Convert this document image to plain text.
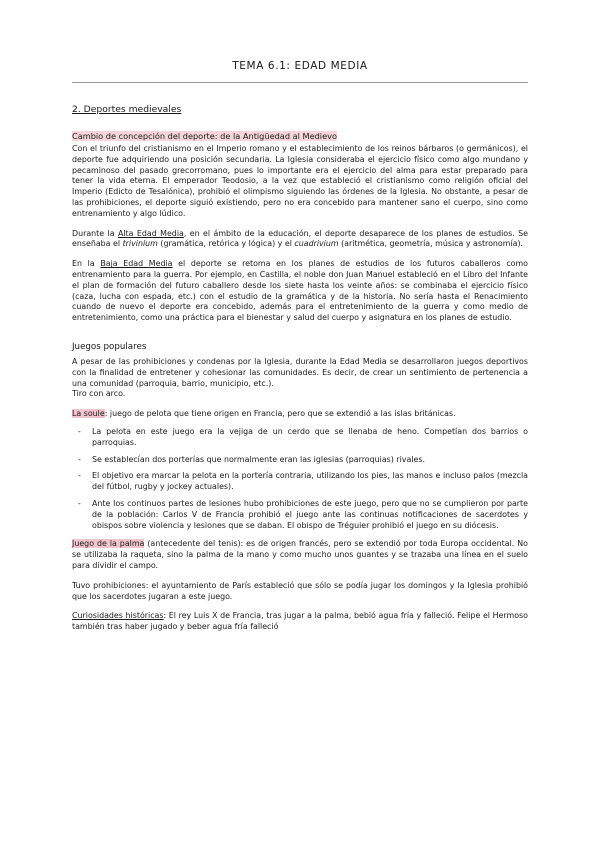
TEMA 6.1: EDAD MEDIA
2. Deportes medievales
Cambio de concepción del deporte: de la Antigüedad al Medievo

Con el triunfo del cristianismo en el Imperio romano y el establecimiento de los reinos bárbaros (o germánicos), el deporte fue adquiriendo una posición secundaria. La Iglesia consideraba el ejercicio físico como algo mundano y pecaminoso del pasado grecorromano, pues lo importante era el ejercicio del alma para estar preparado para tener la vida eterna. El emperador Teodosio, a la vez que estableció el cristianismo como religión oficial del Imperio (Edicto de Tesalónica), prohibió el olimpismo siguiendo las órdenes de la Iglesia. No obstante, a pesar de las prohibiciones, el deporte siguió existiendo, pero no era concebido para mantener sano el cuerpo, sino como entrenamiento y algo lúdico.

Durante la Alta Edad Media, en el ámbito de la educación, el deporte desaparece de los planes de estudios. Se enseñaba el trivinium (gramática, retórica y lógica) y el cuadrivium (aritmética, geometría, música y astronomía).

En la Baja Edad Media el deporte se retoma en los planes de estudios de los futuros caballeros como entrenamiento para la guerra. Por ejemplo, en Castilla, el noble don Juan Manuel estableció en el Libro del Infante el plan de formación del futuro caballero desde los siete hasta los veinte años: se combinaba el ejercicio físico (caza, lucha con espada, etc.) con el estudio de la gramática y de la historia. No sería hasta el Renacimiento cuando de nuevo el deporte era concebido, además para el entretenimiento de la guerra y como medio de entretenimiento, como una práctica para el bienestar y salud del cuerpo y asignatura en los planes de estudio.

Juegos populares

A pesar de las prohibiciones y condenas por la Iglesia, durante la Edad Media se desarrollaron juegos deportivos con la finalidad de entretener y cohesionar las comunidades. Es decir, de crear un sentimiento de pertenencia a una comunidad (parroquia, barrio, municipio, etc.).

Tiro con arco.

La soule: juego de pelota que tiene origen en Francia, pero que se extendió a las islas británicas.

- La pelota en este juego era la vejiga de un cerdo que se llenaba de heno. Competían dos barrios o parroquias.
- Se establecían dos porterías que normalmente eran las iglesias (parroquias) rivales.
- El objetivo era marcar la pelota en la portería contraria, utilizando los pies, las manos e incluso palos (mezcla del fútbol, rugby y jockey actuales).
- Ante los continuos partes de lesiones hubo prohibiciones de este juego, pero que no se cumplieron por parte de la población: Carlos V de Francia prohibió el juego ante las continuas notificaciones de sacerdotes y obispos sobre violencia y lesiones que se daban. El obispo de Tréguier prohibió el juego en su diócesis.

Juego de la palma (antecedente del tenis): es de origen francés, pero se extendió por toda Europa occidental. No se utilizaba la raqueta, sino la palma de la mano y como mucho unos guantes y se trazaba una línea en el suelo para dividir el campo.

Tuvo prohibiciones: el ayuntamiento de París estableció que sólo se podía jugar los domingos y la Iglesia prohibió que los sacerdotes jugaran a este juego.

Curiosidades históricas: El rey Luis X de Francia, tras jugar a la palma, bebió agua fría y falleció. Felipe el Hermoso también tras haber jugado y beber agua fría falleció
